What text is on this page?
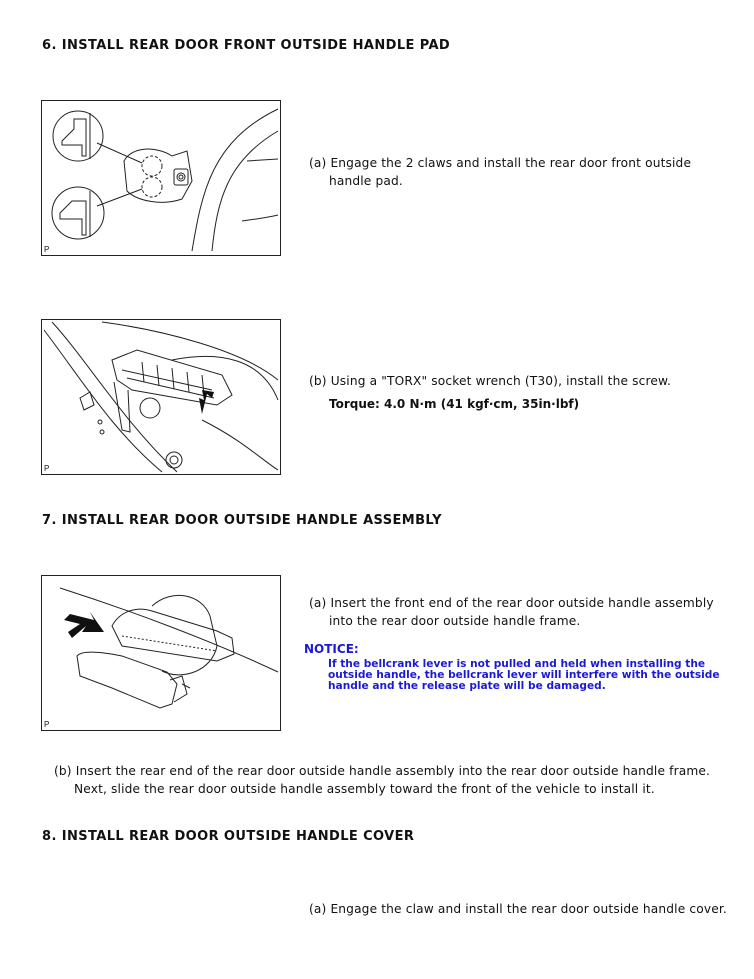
6. INSTALL REAR DOOR FRONT OUTSIDE HANDLE PAD
P

(a) Engage the 2 claws and install the rear door front outside handle pad.

P

(b) Using a "TORX" socket wrench (T30), install the screw.

Torque: 4.0 N·m (41 kgf·cm, 35in·lbf)
7. INSTALL REAR DOOR OUTSIDE HANDLE ASSEMBLY
P

(a) Insert the front end of the rear door outside handle assembly into the rear door outside handle frame.

NOTICE:
If the bellcrank lever is not pulled and held when installing the outside handle, the bellcrank lever will interfere with the outside handle and the release plate will be damaged.
(b) Insert the rear end of the rear door outside handle assembly into the rear door outside handle frame. Next, slide the rear door outside handle assembly toward the front of the vehicle to install it.
8. INSTALL REAR DOOR OUTSIDE HANDLE COVER

(a) Engage the claw and install the rear door outside handle cover.
